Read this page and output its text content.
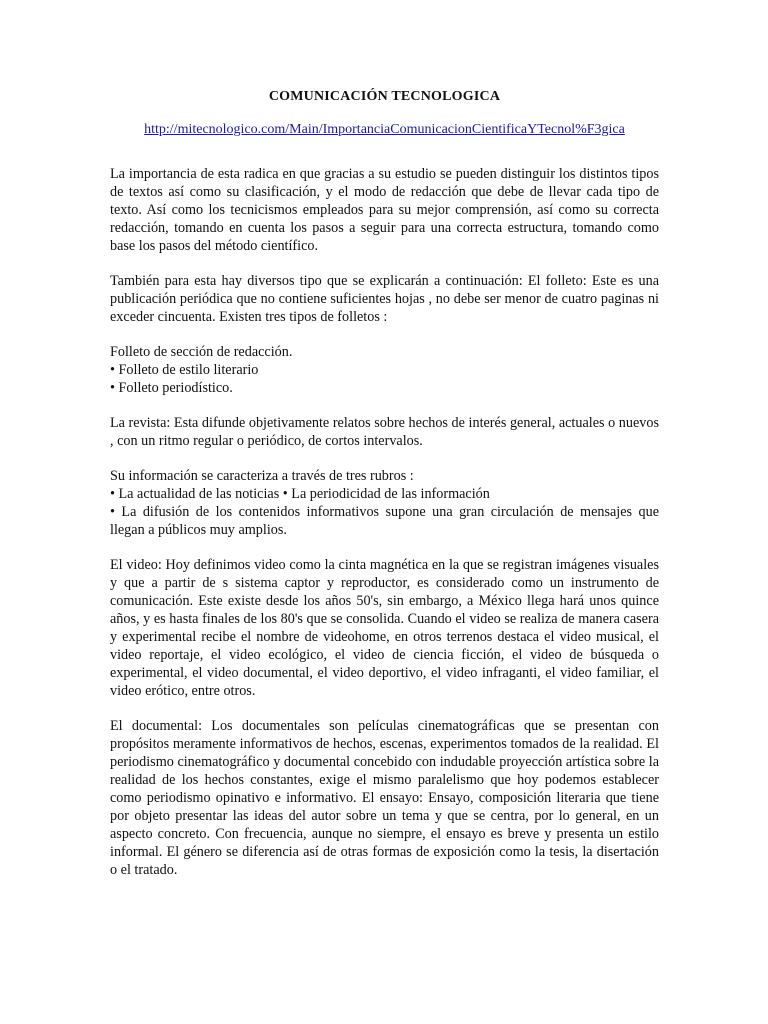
COMUNICACIÓN TECNOLOGICA
http://mitecnologico.com/Main/ImportanciaComunicacionCientificaYTecnol%F3gica

La importancia de esta radica en que gracias a su estudio se pueden distinguir los distintos tipos de textos así como su clasificación, y el modo de redacción que debe de llevar cada tipo de texto. Así como los tecnicismos empleados para su mejor comprensión, así como su correcta redacción, tomando en cuenta los pasos a seguir para una correcta estructura, tomando como base los pasos del método científico.

También para esta hay diversos tipo que se explicarán a continuación: El folleto: Este es una publicación periódica que no contiene suficientes hojas , no debe ser menor de cuatro paginas ni exceder cincuenta. Existen tres tipos de folletos :

Folleto de sección de redacción.
• Folleto de estilo literario
• Folleto periodístico.

La revista: Esta difunde objetivamente relatos sobre hechos de interés general, actuales o nuevos , con un ritmo regular o periódico, de cortos intervalos.

Su información se caracteriza a través de tres rubros :
• La actualidad de las noticias • La periodicidad de las información
• La difusión de los contenidos informativos supone una gran circulación de mensajes que llegan a públicos muy amplios.

El video: Hoy definimos video como la cinta magnética en la que se registran imágenes visuales y que a partir de s sistema captor y reproductor, es considerado como un instrumento de comunicación. Este existe desde los años 50's, sin embargo, a México llega hará unos quince años, y es hasta finales de los 80's que se consolida. Cuando el video se realiza de manera casera y experimental recibe el nombre de videohome, en otros terrenos destaca el video musical, el video reportaje, el video ecológico, el video de ciencia ficción, el video de búsqueda o experimental, el video documental, el video deportivo, el video infraganti, el video familiar, el video erótico, entre otros.

El documental: Los documentales son películas cinematográficas que se presentan con propósitos meramente informativos de hechos, escenas, experimentos tomados de la realidad. El periodismo cinematográfico y documental concebido con indudable proyección artística sobre la realidad de los hechos constantes, exige el mismo paralelismo que hoy podemos establecer como periodismo opinativo e informativo. El ensayo: Ensayo, composición literaria que tiene por objeto presentar las ideas del autor sobre un tema y que se centra, por lo general, en un aspecto concreto. Con frecuencia, aunque no siempre, el ensayo es breve y presenta un estilo informal. El género se diferencia así de otras formas de exposición como la tesis, la disertación o el tratado.
